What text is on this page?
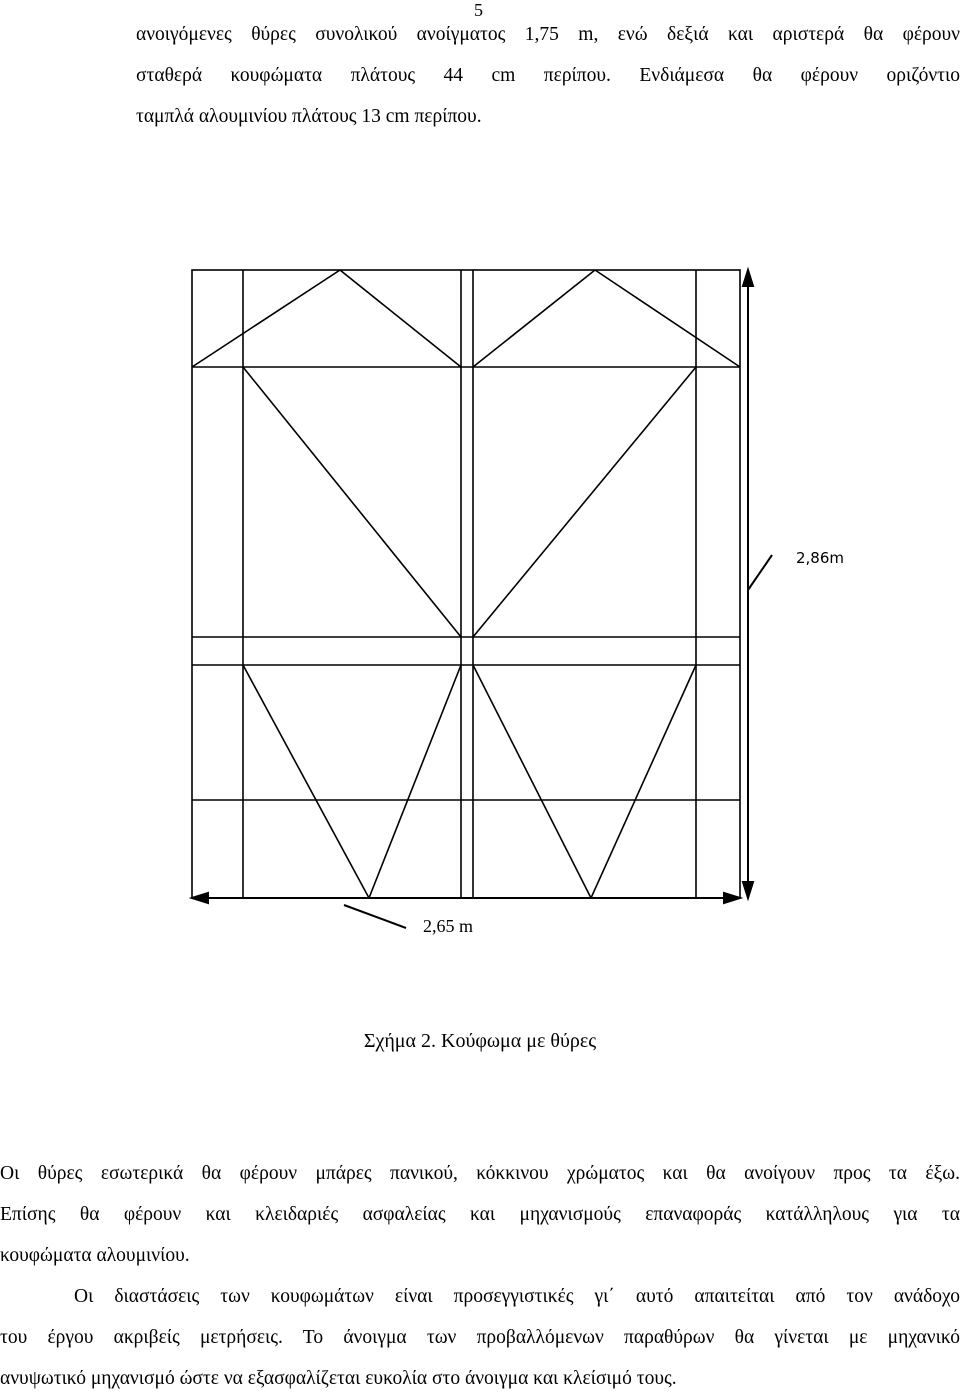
5

ανοιγόμενες θύρες συνολικού ανοίγματος 1,75 m, ενώ δεξιά και αριστερά θα φέρουν
σταθερά κουφώματα πλάτους 44 cm περίπου. Ενδιάμεσα θα φέρουν οριζόντιο
ταμπλά αλουμινίου πλάτους 13 cm περίπου.

2,86m
2,65 m
Σχήμα 2. Κούφωμα με θύρες

Οι θύρες εσωτερικά θα φέρουν μπάρες πανικού, κόκκινου χρώματος και θα ανοίγουν προς τα έξω.
Επίσης θα φέρουν και κλειδαριές ασφαλείας και μηχανισμούς επαναφοράς κατάλληλους για τα
κουφώματα αλουμινίου.
Οι διαστάσεις των κουφωμάτων είναι προσεγγιστικές γι΄ αυτό απαιτείται από τον ανάδοχο
του έργου ακριβείς μετρήσεις. Το άνοιγμα των προβαλλόμενων παραθύρων θα γίνεται με μηχανικό
ανυψωτικό μηχανισμό ώστε να εξασφαλίζεται ευκολία στο άνοιγμα και κλείσιμό τους.
